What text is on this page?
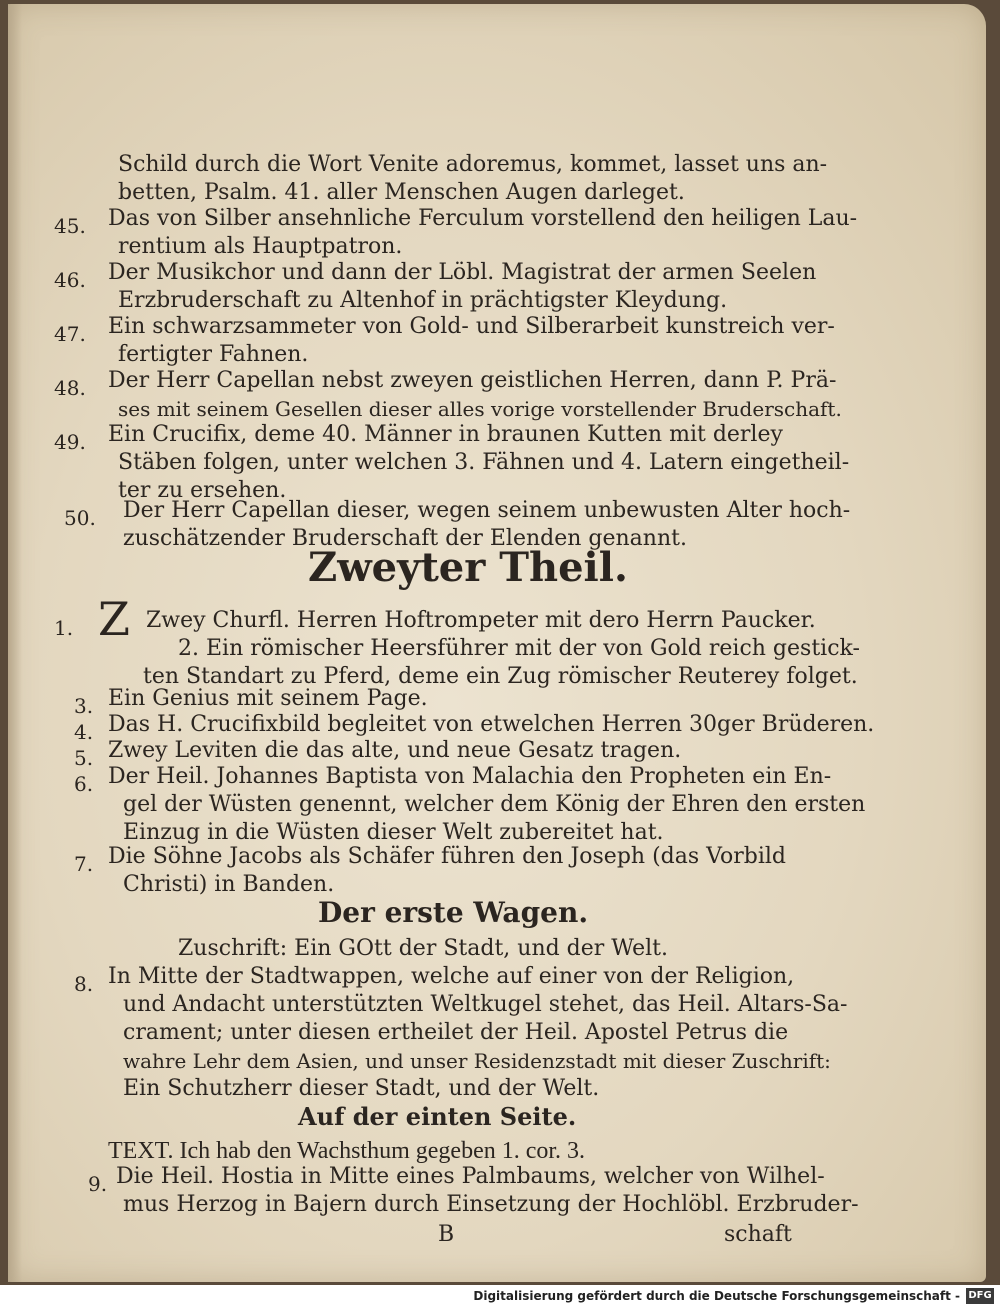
Schild durch die Wort Venite adoremus, kommet, lasset uns an-
betten, Psalm. 41. aller Menschen Augen darleget.
45. Das von Silber ansehnliche Ferculum vorstellend den heiligen Lau-
rentium als Hauptpatron.
46. Der Musikchor und dann der Löbl. Magistrat der armen Seelen
Erzbruderschaft zu Altenhof in prächtigster Kleydung.
47. Ein schwarzsammeter von Gold- und Silberarbeit kunstreich ver-
fertigter Fahnen.
48. Der Herr Capellan nebst zweyen geistlichen Herren, dann P. Prä-
ses mit seinem Gesellen dieser alles vorige vorstellender Bruderschaft.
49. Ein Crucifix, deme 40. Männer in braunen Kutten mit derley
Stäben folgen, unter welchen 3. Fähnen und 4. Latern eingetheil-
ter zu ersehen.
50. Der Herr Capellan dieser, wegen seinem unbewusten Alter hoch-
zuschätzender Bruderschaft der Elenden genannt.
Zweyter Theil.
1. Z Zwey Churfl. Herren Hoftrompeter mit dero Herrn Paucker.
2. Ein römischer Heersführer mit der von Gold reich gestick-
ten Standart zu Pferd, deme ein Zug römischer Reuterey folget.
3. Ein Genius mit seinem Page.
4. Das H. Crucifixbild begleitet von etwelchen Herren 30ger Brüderen.
5. Zwey Leviten die das alte, und neue Gesatz tragen.
6. Der Heil. Johannes Baptista von Malachia den Propheten ein En-
gel der Wüsten genennt, welcher dem König der Ehren den ersten
Einzug in die Wüsten dieser Welt zubereitet hat.
7. Die Söhne Jacobs als Schäfer führen den Joseph (das Vorbild
Christi) in Banden.
Der erste Wagen.
Zuschrift: Ein GOtt der Stadt, und der Welt.
8. In Mitte der Stadtwappen, welche auf einer von der Religion,
und Andacht unterstützten Weltkugel stehet, das Heil. Altars-Sa-
crament; unter diesen ertheilet der Heil. Apostel Petrus die
wahre Lehr dem Asien, und unser Residenzstadt mit dieser Zuschrift:
Ein Schutzherr dieser Stadt, und der Welt.
Auf der einten Seite.
TEXT. Ich hab den Wachsthum gegeben 1. cor. 3.
9. Die Heil. Hostia in Mitte eines Palmbaums, welcher von Wilhel-
mus Herzog in Bajern durch Einsetzung der Hochlöbl. Erzbruder-
B	schaft
Digitalisierung gefördert durch die Deutsche Forschungsgemeinschaft - DFG
